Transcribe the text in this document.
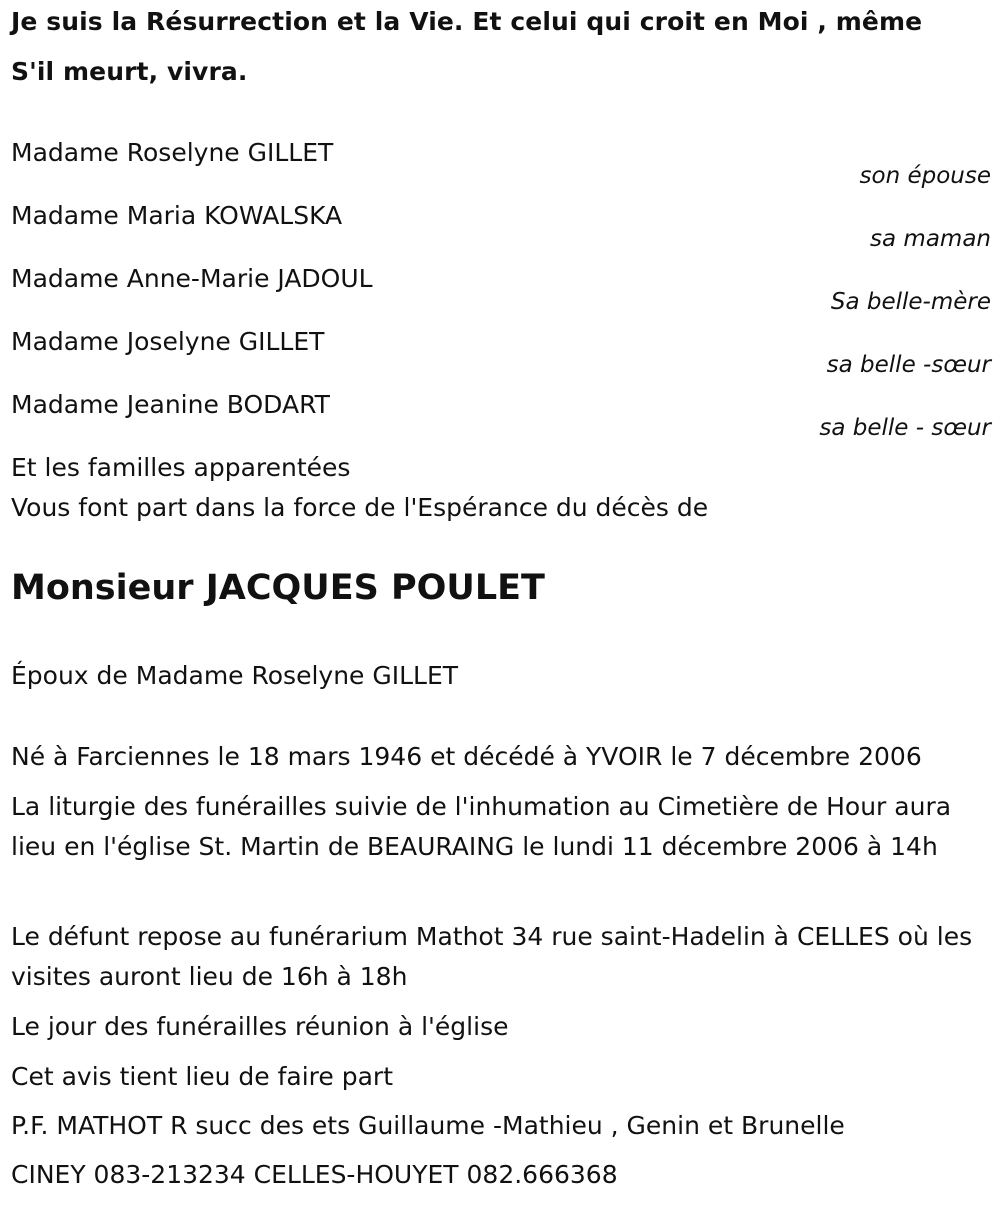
Je suis la Résurrection et la Vie. Et celui qui croit en Moi , même
S'il meurt, vivra.
Madame Roselyne GILLET
son épouse
Madame Maria KOWALSKA
sa maman
Madame Anne-Marie JADOUL
Sa belle-mère
Madame Joselyne GILLET
sa belle -sœur
Madame Jeanine BODART
sa belle - sœur
Et les familles apparentées
Vous font part dans la force de l'Espérance du décès de
Monsieur JACQUES POULET
Époux de Madame Roselyne GILLET
Né à Farciennes le 18 mars 1946 et décédé à YVOIR le 7 décembre 2006
La liturgie des funérailles suivie de l'inhumation au Cimetière de Hour aura lieu en l'église St. Martin de BEAURAING le lundi 11 décembre 2006 à 14h
Le défunt repose au funérarium Mathot 34 rue saint-Hadelin à CELLES où les visites auront lieu de 16h à 18h
Le jour des funérailles réunion à l'église
Cet avis tient lieu de faire part
P.F. MATHOT R succ des ets Guillaume -Mathieu , Genin et Brunelle
CINEY 083-213234 CELLES-HOUYET 082.666368
